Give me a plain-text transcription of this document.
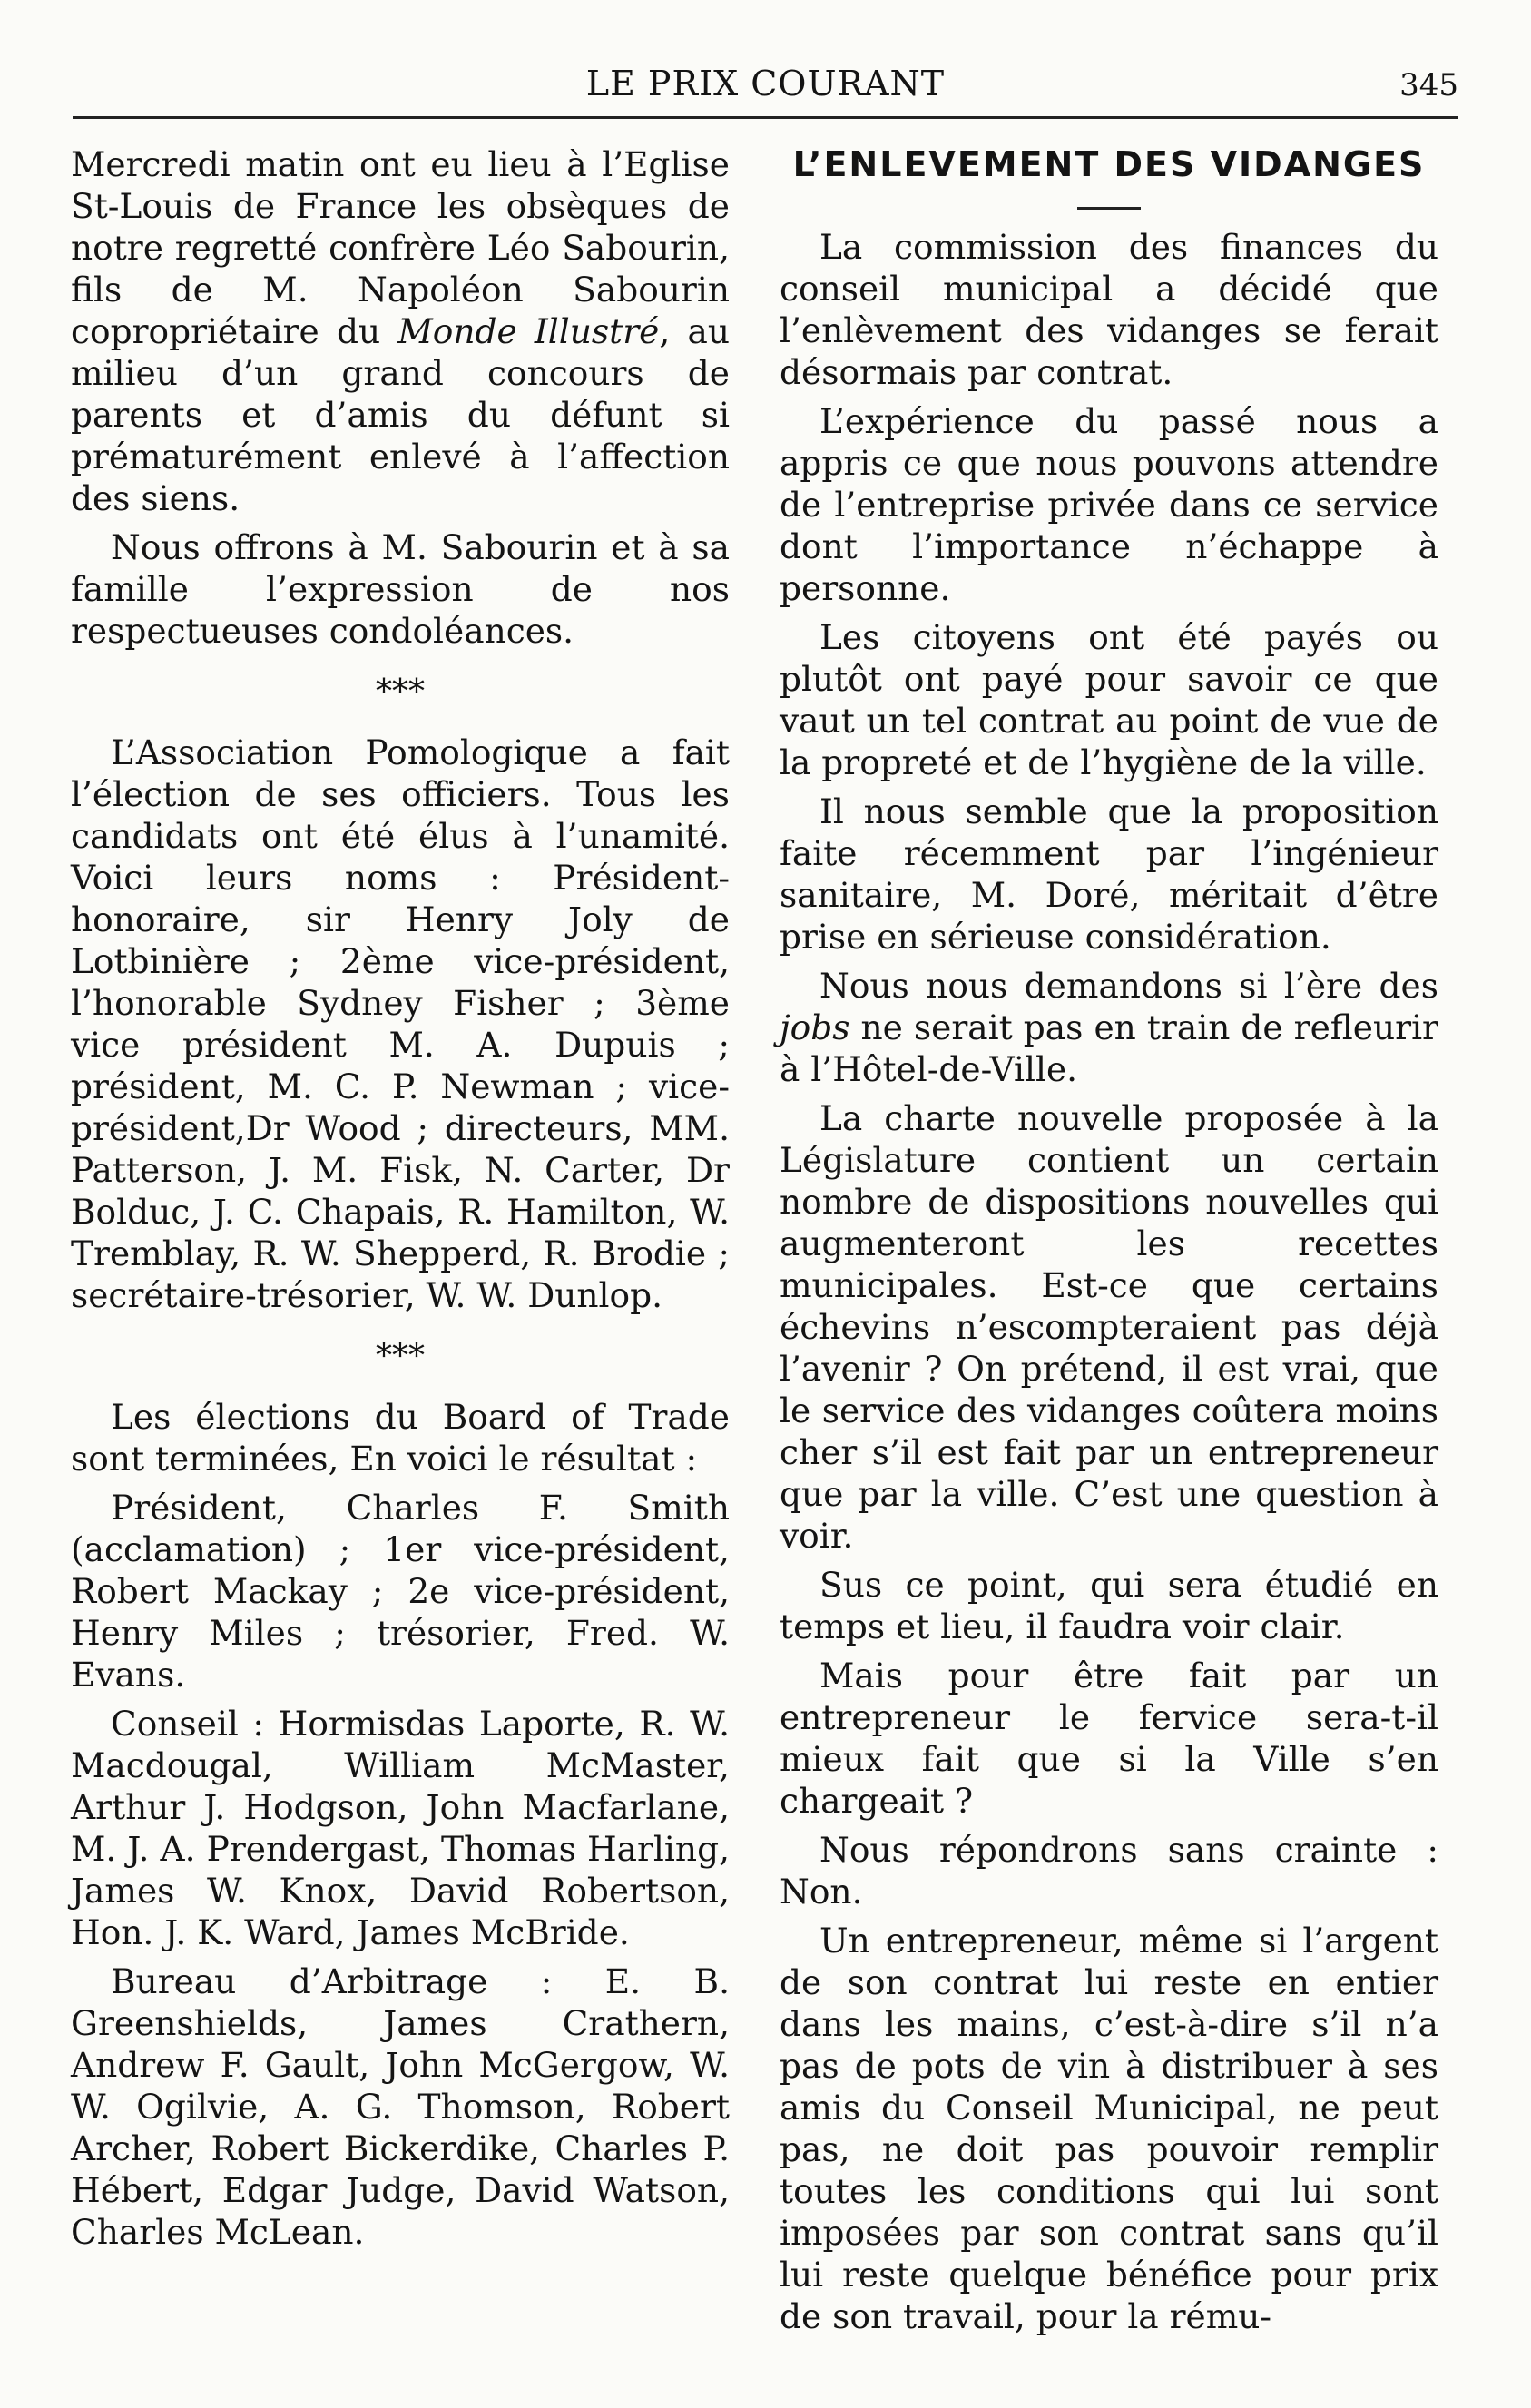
LE PRIX COURANT	345

Mercredi matin ont eu lieu à l’Eglise St-Louis de France les obsèques de notre regretté confrère Léo Sabourin, fils de M. Napoléon Sabourin copropriétaire du Monde Illustré, au milieu d’un grand concours de parents et d’amis du défunt si prématurément enlevé à l’affection des siens.

Nous offrons à M. Sabourin et à sa famille l’expression de nos respectueuses condoléances.

***

L’Association Pomologique a fait l’élection de ses officiers. Tous les candidats ont été élus à l’unamité. Voici leurs noms : Président-honoraire, sir Henry Joly de Lotbinière ; 2ème vice-président, l’honorable Sydney Fisher ; 3ème vice président M. A. Dupuis ; président, M. C. P. Newman ; vice-président,Dr Wood ; directeurs, MM. Patterson, J. M. Fisk, N. Carter, Dr Bolduc, J. C. Chapais, R. Hamilton, W. Tremblay, R. W. Shepperd, R. Brodie ; secrétaire-trésorier, W. W. Dunlop.

***

Les élections du Board of Trade sont terminées, En voici le résultat :

Président, Charles F. Smith (acclamation) ; 1er vice-président, Robert Mackay ; 2e vice-président, Henry Miles ; trésorier, Fred. W. Evans.

Conseil : Hormisdas Laporte, R. W. Macdougal, William McMaster, Arthur J. Hodgson, John Macfarlane, M. J. A. Prendergast, Thomas Harling, James W. Knox, David Robertson, Hon. J. K. Ward, James McBride.

Bureau d’Arbitrage : E. B. Greenshields, James Crathern, Andrew F. Gault, John McGergow, W. W. Ogilvie, A. G. Thomson, Robert Archer, Robert Bickerdike, Charles P. Hébert, Edgar Judge, David Watson, Charles McLean.

L’ENLEVEMENT DES VIDANGES

La commission des finances du conseil municipal a décidé que l’enlèvement des vidanges se ferait désormais par contrat.

L’expérience du passé nous a appris ce que nous pouvons attendre de l’entreprise privée dans ce service dont l’importance n’échappe à personne.

Les citoyens ont été payés ou plutôt ont payé pour savoir ce que vaut un tel contrat au point de vue de la propreté et de l’hygiène de la ville.

Il nous semble que la proposition faite récemment par l’ingénieur sanitaire, M. Doré, méritait d’être prise en sérieuse considération.

Nous nous demandons si l’ère des jobs ne serait pas en train de refleurir à l’Hôtel-de-Ville.

La charte nouvelle proposée à la Législature contient un certain nombre de dispositions nouvelles qui augmenteront les recettes municipales. Est-ce que certains échevins n’escompteraient pas déjà l’avenir ? On prétend, il est vrai, que le service des vidanges coûtera moins cher s’il est fait par un entrepreneur que par la ville. C’est une question à voir.

Sus ce point, qui sera étudié en temps et lieu, il faudra voir clair.

Mais pour être fait par un entrepreneur le fervice sera-t-il mieux fait que si la Ville s’en chargeait ?

Nous répondrons sans crainte : Non.

Un entrepreneur, même si l’argent de son contrat lui reste en entier dans les mains, c’est-à-dire s’il n’a pas de pots de vin à distribuer à ses amis du Conseil Municipal, ne peut pas, ne doit pas pouvoir remplir toutes les conditions qui lui sont imposées par son contrat sans qu’il lui reste quelque bénéfice pour prix de son travail, pour la rému-
